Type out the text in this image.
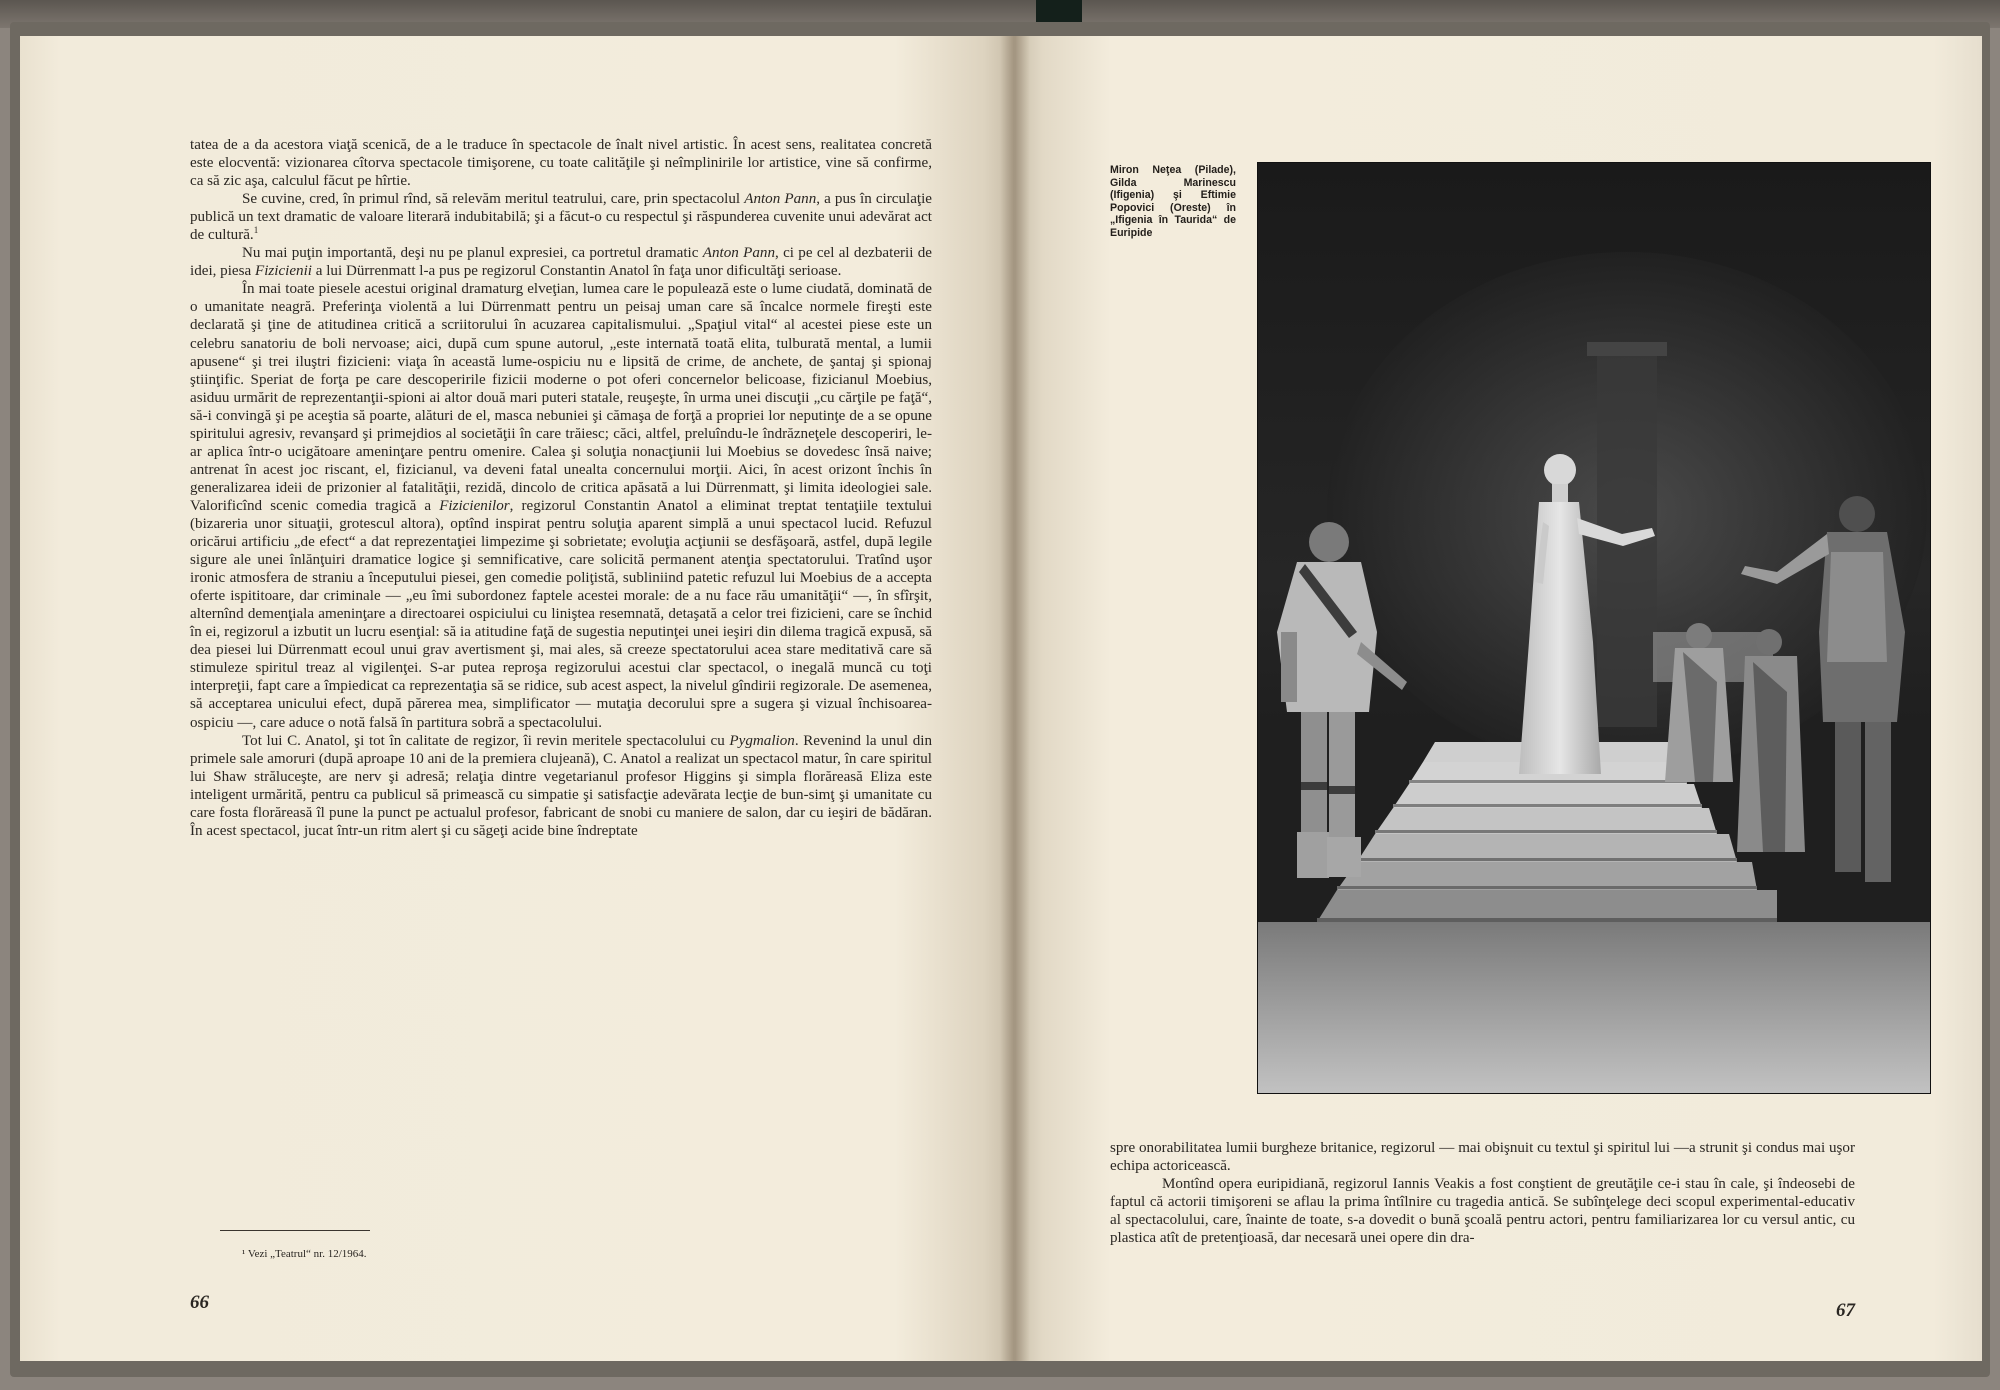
tatea de a da acestora viaţă scenică, de a le traduce în spectacole de înalt nivel artistic. În acest sens, realitatea concretă este elocventă: vizionarea cîtorva spectacole timişorene, cu toate calităţile şi neîmplinirile lor artistice, vine să confirme, ca să zic aşa, calculul făcut pe hîrtie.

Se cuvine, cred, în primul rînd, să relevăm meritul teatrului, care, prin spectacolul Anton Pann, a pus în circulaţie publică un text dramatic de valoare literară indubitabilă; şi a făcut-o cu respectul şi răspunderea cuvenite unui adevărat act de cultură.$^1$

Nu mai puţin importantă, deşi nu pe planul expresiei, ca portretul dramatic Anton Pann, ci pe cel al dezbaterii de idei, piesa Fizicienii a lui Dürrenmatt l-a pus pe regizorul Constantin Anatol în faţa unor dificultăţi serioase.

În mai toate piesele acestui original dramaturg elveţian, lumea care le populează este o lume ciudată, dominată de o umanitate neagră. Preferinţa violentă a lui Dürrenmatt pentru un peisaj uman care să încalce normele fireşti este declarată şi ţine de atitudinea critică a scriitorului în acuzarea capitalismului. „Spaţiul vital“ al acestei piese este un celebru sanatoriu de boli nervoase; aici, după cum spune autorul, „este internată toată elita, tulburată mental, a lumii apusene“ şi trei iluştri fizicieni: viaţa în această lume-ospiciu nu e lipsită de crime, de anchete, de şantaj şi spionaj ştiinţific. Speriat de forţa pe care descoperirile fizicii moderne o pot oferi concernelor belicoase, fizicianul Moebius, asiduu urmărit de reprezentanţii-spioni ai altor două mari puteri statale, reuşeşte, în urma unei discuţii „cu cărţile pe faţă“, să-i convingă şi pe aceştia să poarte, alături de el, masca nebuniei şi cămaşa de forţă a propriei lor neputinţe de a se opune spiritului agresiv, revanşard şi primejdios al societăţii în care trăiesc; căci, altfel, preluîndu-le îndrăzneţele descoperiri, le-ar aplica într-o ucigătoare ameninţare pentru omenire. Calea şi soluţia nonacţiunii lui Moebius se dovedesc însă naive; antrenat în acest joc riscant, el, fizicianul, va deveni fatal unealta concernului morţii. Aici, în acest orizont închis în generalizarea ideii de prizonier al fatalităţii, rezidă, dincolo de critica apăsată a lui Dürrenmatt, şi limita ideologiei sale. Valorificînd scenic comedia tragică a Fizicienilor, regizorul Constantin Anatol a eliminat treptat tentaţiile textului (bizareria unor situaţii, grotescul altora), optînd inspirat pentru soluţia aparent simplă a unui spectacol lucid. Refuzul oricărui artificiu „de efect“ a dat reprezentaţiei limpezime şi sobrietate; evoluţia acţiunii se desfăşoară, astfel, după legile sigure ale unei înlănţuiri dramatice logice şi semnificative, care solicită permanent atenţia spectatorului. Tratînd uşor ironic atmosfera de straniu a începutului piesei, gen comedie poliţistă, subliniind patetic refuzul lui Moebius de a accepta oferte ispititoare, dar criminale — „eu îmi subordonez faptele acestei morale: de a nu face rău umanităţii“ —, în sfîrşit, alternînd demenţiala ameninţare a directoarei ospiciului cu liniştea resemnată, detaşată a celor trei fizicieni, care se închid în ei, regizorul a izbutit un lucru esenţial: să ia atitudine faţă de sugestia neputinţei unei ieşiri din dilema tragică expusă, să dea piesei lui Dürrenmatt ecoul unui grav avertisment şi, mai ales, să creeze spectatorului acea stare meditativă care să stimuleze spiritul treaz al vigilenţei. S-ar putea reproşa regizorului acestui clar spectacol, o inegală muncă cu toţi interpreţii, fapt care a împiedicat ca reprezentaţia să se ridice, sub acest aspect, la nivelul gîndirii regizorale. De asemenea, să acceptarea unicului efect, după părerea mea, simplificator — mutaţia decorului spre a sugera şi vizual închisoarea-ospiciu —, care aduce o notă falsă în partitura sobră a spectacolului.

Tot lui C. Anatol, şi tot în calitate de regizor, îi revin meritele spectacolului cu Pygmalion. Revenind la unul din primele sale amoruri (după aproape 10 ani de la premiera clujeană), C. Anatol a realizat un spectacol matur, în care spiritul lui Shaw străluceşte, are nerv şi adresă; relaţia dintre vegetarianul profesor Higgins şi simpla florăreasă Eliza este inteligent urmărită, pentru ca publicul să primească cu simpatie şi satisfacţie adevărata lecţie de bun-simţ şi umanitate cu care fosta florăreasă îl pune la punct pe actualul profesor, fabricant de snobi cu maniere de salon, dar cu ieşiri de bădăran. În acest spectacol, jucat într-un ritm alert şi cu săgeţi acide bine îndreptate

¹ Vezi „Teatrul“ nr. 12/1964.
66
Miron Neţea (Pilade), Gilda Marinescu (Ifigenia) şi Eftimie Popovici (Oreste) în „Ifigenia în Taurida“ de Euripide

spre onorabilitatea lumii burgheze britanice, regizorul — mai obişnuit cu textul şi spiritul lui —a strunit şi condus mai uşor echipa actoricească.

Montînd opera euripidiană, regizorul Iannis Veakis a fost conştient de greutăţile ce-i stau în cale, şi îndeosebi de faptul că actorii timişoreni se aflau la prima întîlnire cu tragedia antică. Se subînţelege deci scopul experimental-educativ al spectacolului, care, înainte de toate, s-a dovedit o bună şcoală pentru actori, pentru familiarizarea lor cu versul antic, cu plastica atît de pretenţioasă, dar necesară unei opere din dra-

67
